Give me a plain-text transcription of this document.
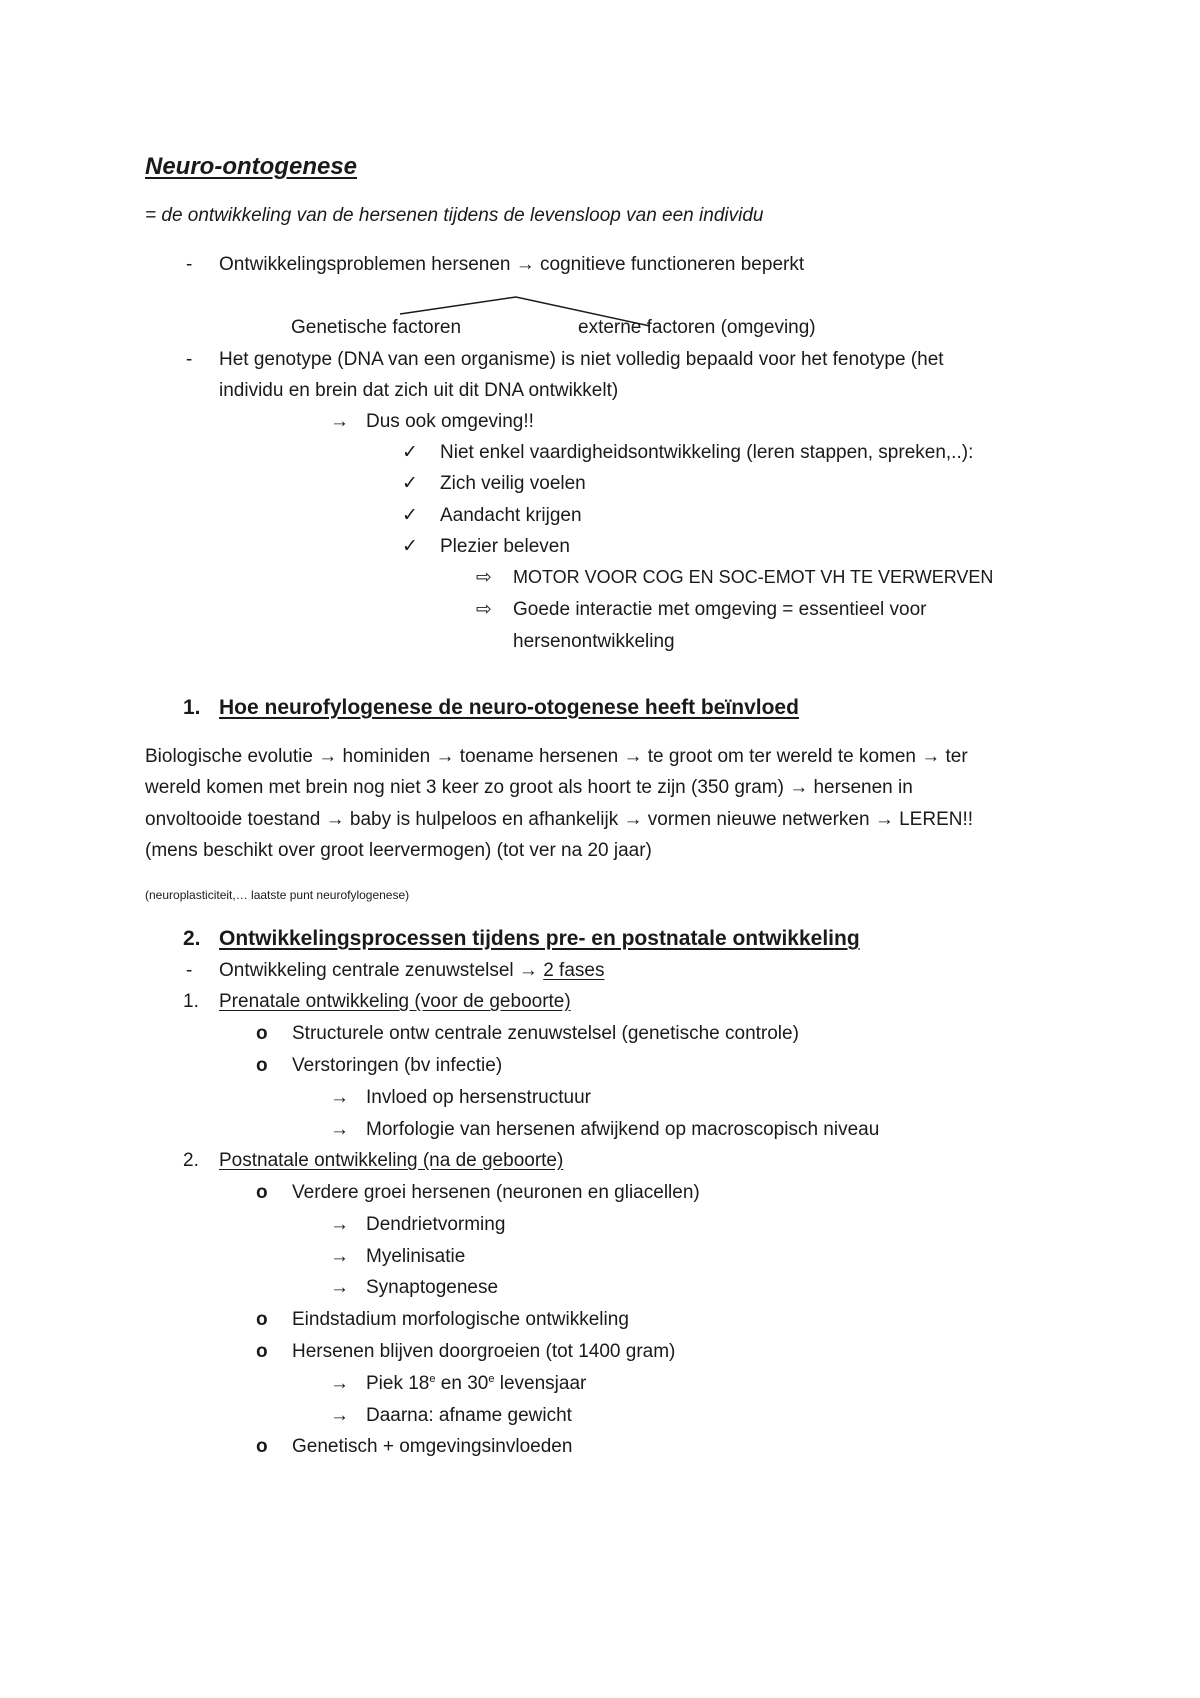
Neuro-ontogenese
= de ontwikkeling van de hersenen tijdens de levensloop van een individu
- Ontwikkelingsproblemen hersenen → cognitieve functioneren beperkt
Genetische factoren	externe factoren (omgeving)
- Het genotype (DNA van een organisme) is niet volledig bepaald voor het fenotype (het
individu en brein dat zich uit dit DNA ontwikkelt)
→ Dus ook omgeving!!
✓ Niet enkel vaardigheidsontwikkeling (leren stappen, spreken,..):
✓ Zich veilig voelen
✓ Aandacht krijgen
✓ Plezier beleven
⇨ MOTOR VOOR COG EN SOC-EMOT VH TE VERWERVEN
⇨ Goede interactie met omgeving = essentieel voor
hersenontwikkeling
1. Hoe neurofylogenese de neuro-otogenese heeft beïnvloed
Biologische evolutie → hominiden → toename hersenen → te groot om ter wereld te komen → ter
wereld komen met brein nog niet 3 keer zo groot als hoort te zijn (350 gram) → hersenen in
onvoltooide toestand → baby is hulpeloos en afhankelijk → vormen nieuwe netwerken → LEREN!!
(mens beschikt over groot leervermogen) (tot ver na 20 jaar)
(neuroplasticiteit,… laatste punt neurofylogenese)
2. Ontwikkelingsprocessen tijdens pre- en postnatale ontwikkeling
- Ontwikkeling centrale zenuwstelsel → 2 fases
1. Prenatale ontwikkeling (voor de geboorte)
o Structurele ontw centrale zenuwstelsel (genetische controle)
o Verstoringen (bv infectie)
→ Invloed op hersenstructuur
→ Morfologie van hersenen afwijkend op macroscopisch niveau
2. Postnatale ontwikkeling (na de geboorte)
o Verdere groei hersenen (neuronen en gliacellen)
→ Dendrietvorming
→ Myelinisatie
→ Synaptogenese
o Eindstadium morfologische ontwikkeling
o Hersenen blijven doorgroeien (tot 1400 gram)
→ Piek 18e en 30e levensjaar
→ Daarna: afname gewicht
o Genetisch + omgevingsinvloeden
